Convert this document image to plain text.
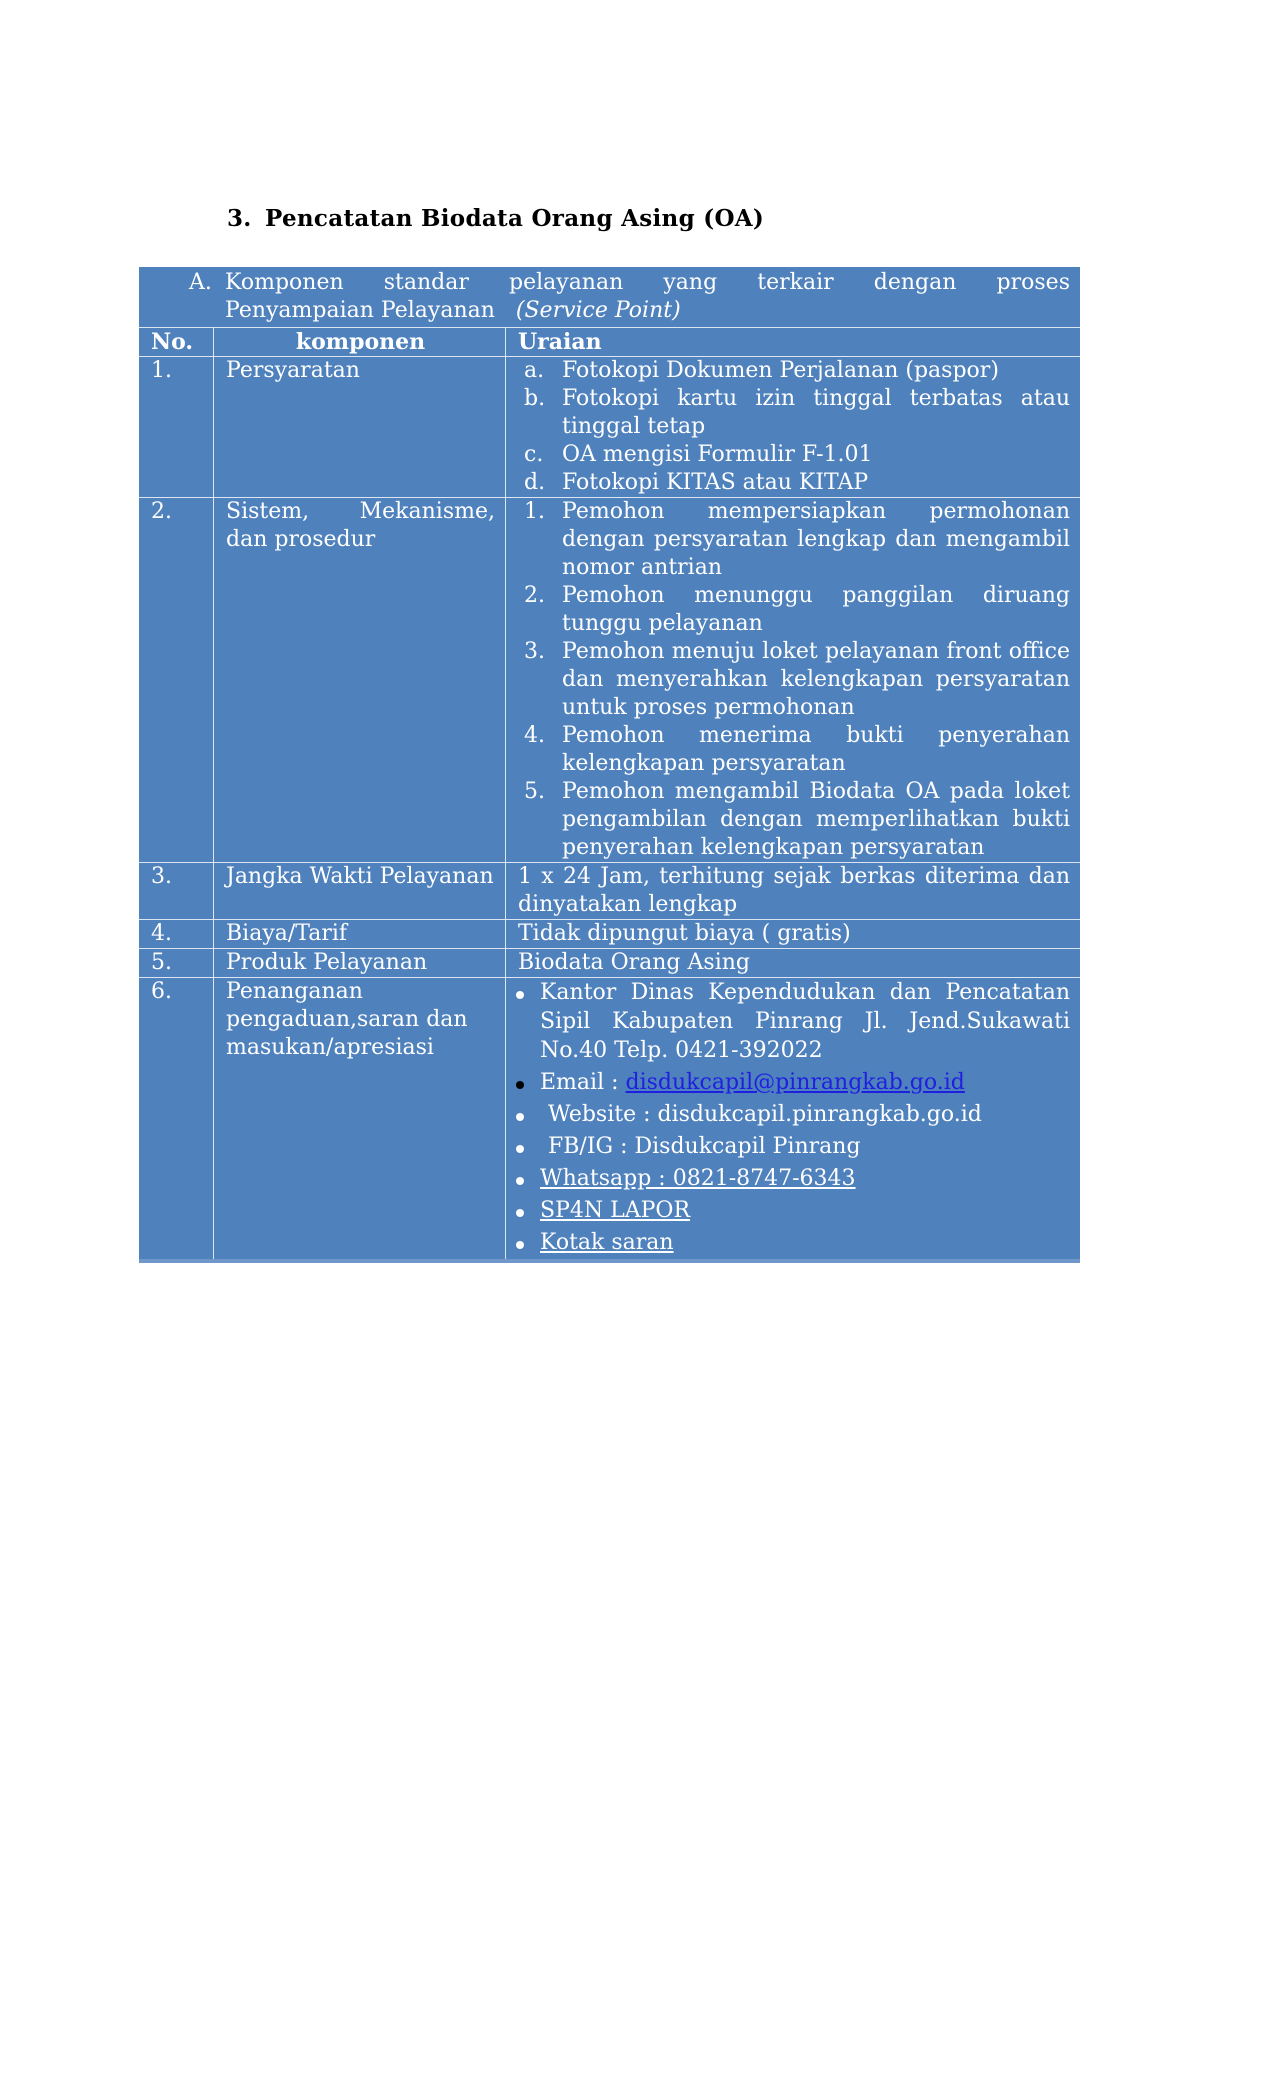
3. Pencatatan Biodata Orang Asing (OA)
A. Komponen standar pelayanan yang terkair dengan proses
Penyampaian Pelayanan (Service Point)
No.	komponen	Uraian
1.	Persyaratan	a. Fotokopi Dokumen Perjalanan (paspor)
b. Fotokopi kartu izin tinggal terbatas atau tinggal tetap
c. OA mengisi Formulir F-1.01
d. Fotokopi KITAS atau KITAP
2.	Sistem, Mekanisme, dan prosedur
1. Pemohon mempersiapkan permohonan dengan persyaratan lengkap dan mengambil nomor antrian
2. Pemohon menunggu panggilan diruang tunggu pelayanan
3. Pemohon menuju loket pelayanan front office dan menyerahkan kelengkapan persyaratan untuk proses permohonan
4. Pemohon menerima bukti penyerahan kelengkapan persyaratan
5. Pemohon mengambil Biodata OA pada loket pengambilan dengan memperlihatkan bukti penyerahan kelengkapan persyaratan
3.	Jangka Wakti Pelayanan	1 x 24 Jam, terhitung sejak berkas diterima dan dinyatakan lengkap
4.	Biaya/Tarif	Tidak dipungut biaya ( gratis)
5.	Produk Pelayanan	Biodata Orang Asing
6.	Penanganan pengaduan,saran dan masukan/apresiasi
Kantor Dinas Kependudukan dan Pencatatan Sipil Kabupaten Pinrang Jl. Jend.Sukawati No.40 Telp. 0421-392022
Email : disdukcapil@pinrangkab.go.id
Website : disdukcapil.pinrangkab.go.id
FB/IG : Disdukcapil Pinrang
Whatsapp : 0821-8747-6343
SP4N LAPOR
Kotak saran
